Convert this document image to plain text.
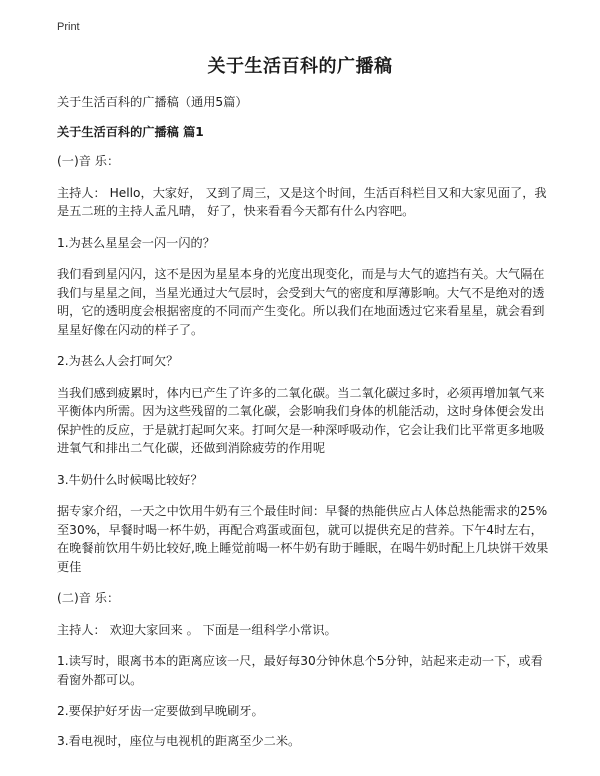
Print
关于生活百科的广播稿

关于生活百科的广播稿（通用5篇）

关于生活百科的广播稿 篇1

(一)音 乐：

主持人： Hello，大家好， 又到了周三，又是这个时间，生活百科栏目又和大家见面了，我是五二班的主持人孟凡晴， 好了，快来看看今天都有什么内容吧。

1.为甚么星星会一闪一闪的？

我们看到星闪闪，这不是因为星星本身的光度出现变化，而是与大气的遮挡有关。大气隔在我们与星星之间，当星光通过大气层时，会受到大气的密度和厚薄影响。大气不是绝对的透明，它的透明度会根据密度的不同而产生变化。所以我们在地面透过它来看星星，就会看到星星好像在闪动的样子了。

2.为甚么人会打呵欠？

当我们感到疲累时，体内已产生了许多的二氧化碳。当二氧化碳过多时，必须再增加氧气来平衡体内所需。因为这些残留的二氧化碳，会影响我们身体的机能活动，这时身体便会发出保护性的反应，于是就打起呵欠来。打呵欠是一种深呼吸动作，它会让我们比平常更多地吸进氧气和排出二气化碳，还做到消除疲劳的作用呢

3.牛奶什么时候喝比较好？

据专家介绍，一天之中饮用牛奶有三个最佳时间：早餐的热能供应占人体总热能需求的25%至30%，早餐时喝一杯牛奶，再配合鸡蛋或面包，就可以提供充足的营养。下午4时左右，在晚餐前饮用牛奶比较好,晚上睡觉前喝一杯牛奶有助于睡眠，在喝牛奶时配上几块饼干效果更佳

(二)音 乐：

主持人： 欢迎大家回来 。 下面是一组科学小常识。

1.读写时，眼离书本的距离应该一尺，最好每30分钟休息个5分钟，站起来走动一下，或看看窗外都可以。

2.要保护好牙齿一定要做到早晚刷牙。

3.看电视时，座位与电视机的距离至少二米。
